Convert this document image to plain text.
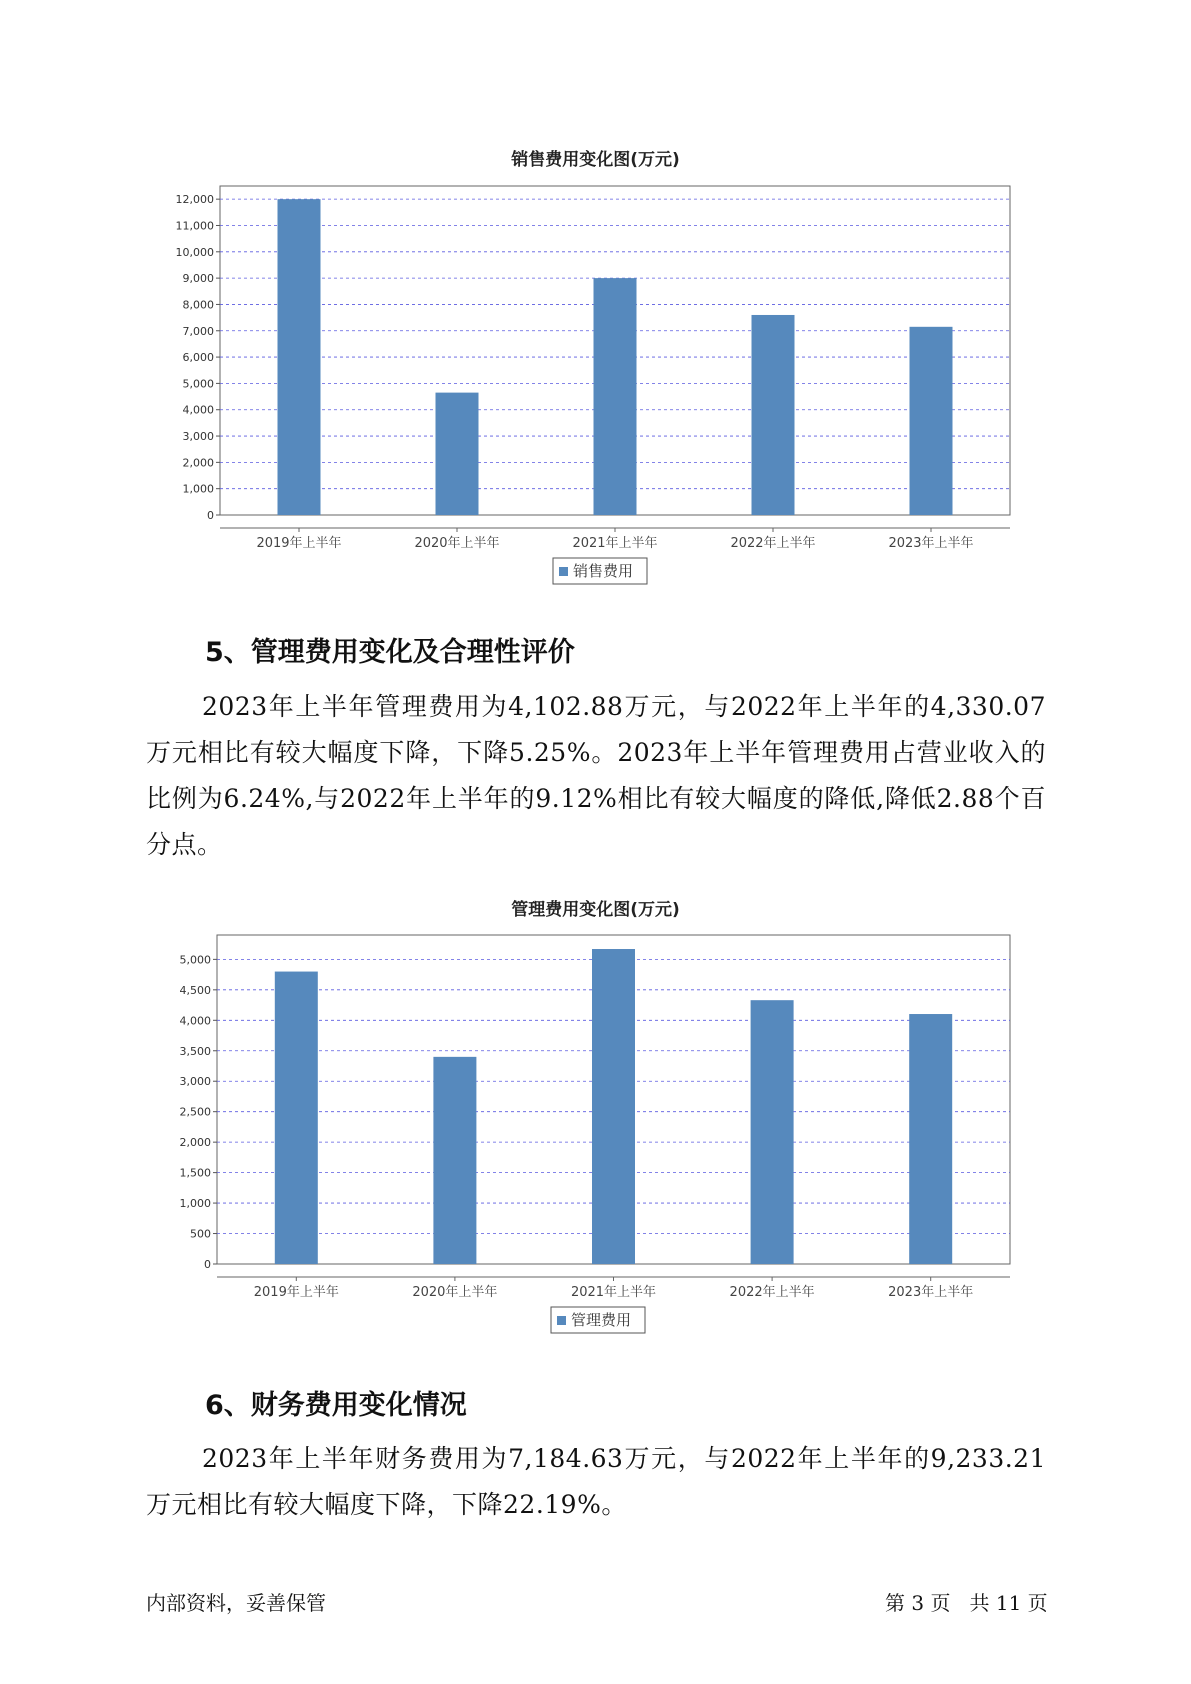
销售费用变化图(万元)
0
1,000
2,000
3,000
4,000
5,000
6,000
7,000
8,000
9,000
10,000
11,000
12,000
2019年上半年	2020年上半年	2021年上半年	2022年上半年	2023年上半年
销售费用
5、管理费用变化及合理性评价

2023年上半年管理费用为4,102.88万元，与2022年上半年的4,330.07万元相比有较大幅度下降，下降5.25%。2023年上半年管理费用占营业收入的比例为6.24%,与2022年上半年的9.12%相比有较大幅度的降低,降低2.88个百分点。

管理费用变化图(万元)
0
500
1,000
1,500
2,000
2,500
3,000
3,500
4,000
4,500
5,000
2019年上半年	2020年上半年	2021年上半年	2022年上半年	2023年上半年
管理费用
6、财务费用变化情况

2023年上半年财务费用为7,184.63万元，与2022年上半年的9,233.21万元相比有较大幅度下降，下降22.19%。

内部资料，妥善保管	第 3 页   共 11 页
